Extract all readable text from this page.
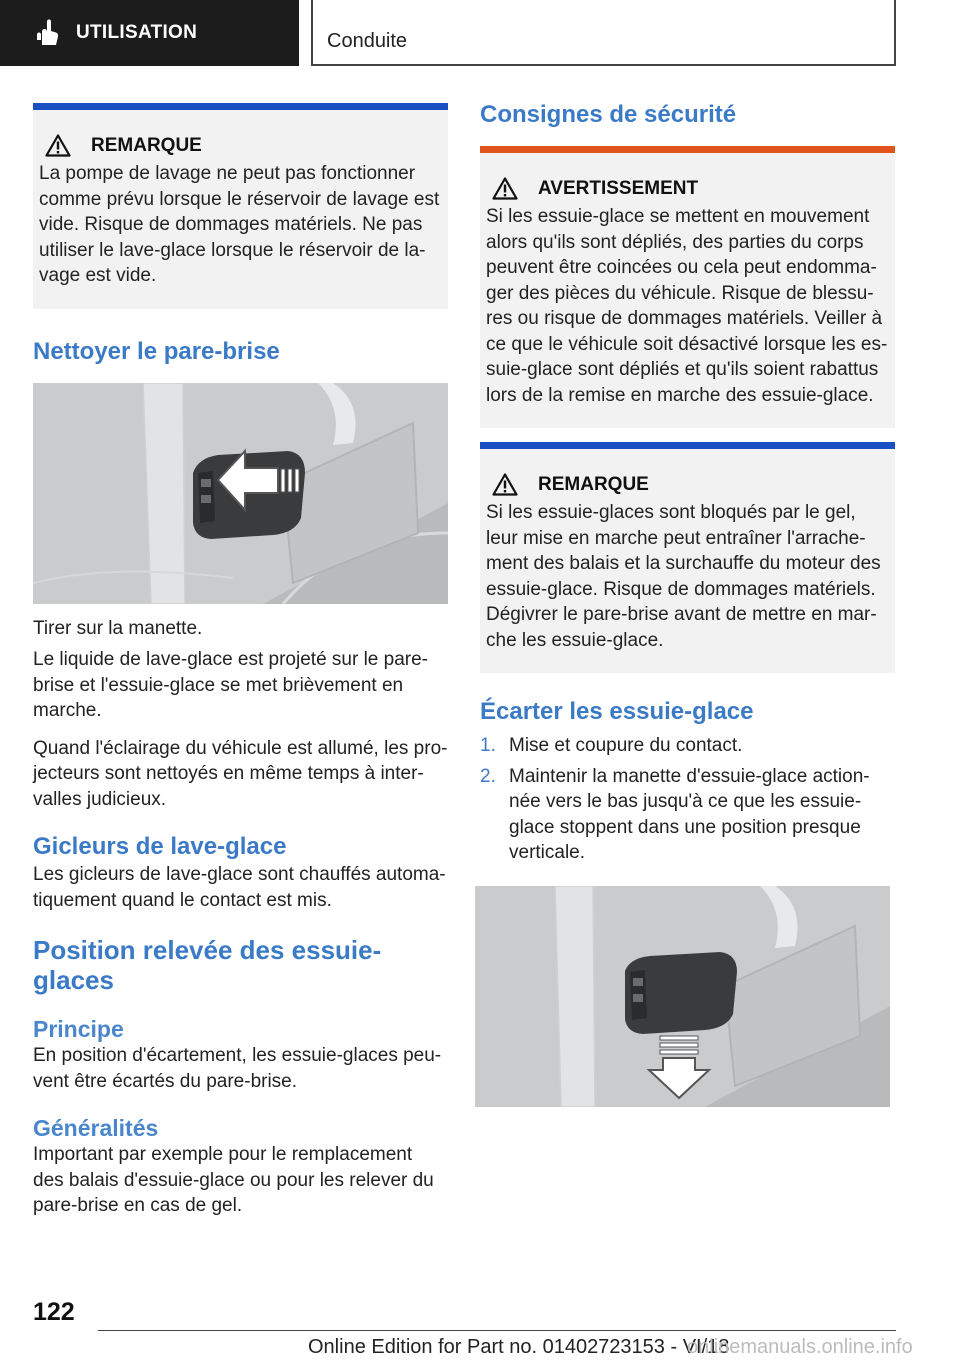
UTILISATION	Conduite
REMARQUE

La pompe de lavage ne peut pas fonctionner comme prévu lorsque le réservoir de lavage est vide. Risque de dommages matériels. Ne pas utiliser le lave-glace lorsque le réservoir de la-vage est vide.

Nettoyer le pare-brise

Tirer sur la manette.

Le liquide de lave-glace est projeté sur le pare-brise et l'essuie-glace se met brièvement en marche.

Quand l'éclairage du véhicule est allumé, les pro-jecteurs sont nettoyés en même temps à inter-valles judicieux.

Gicleurs de lave-glace

Les gicleurs de lave-glace sont chauffés automa-tiquement quand le contact est mis.

Position relevée des essuie-glaces
Principe

En position d'écartement, les essuie-glaces peu-vent être écartés du pare-brise.

Généralités

Important par exemple pour le remplacement des balais d'essuie-glace ou pour les relever du pare-brise en cas de gel.

Consignes de sécurité
AVERTISSEMENT

Si les essuie-glace se mettent en mouvement alors qu'ils sont dépliés, des parties du corps peuvent être coincées ou cela peut endomma-ger des pièces du véhicule. Risque de blessu-res ou risque de dommages matériels. Veiller à ce que le véhicule soit désactivé lorsque les es-suie-glace sont dépliés et qu'ils soient rabattus lors de la remise en marche des essuie-glace.

REMARQUE

Si les essuie-glaces sont bloqués par le gel, leur mise en marche peut entraîner l'arrache-ment des balais et la surchauffe du moteur des essuie-glace. Risque de dommages matériels. Dégivrer le pare-brise avant de mettre en mar-che les essuie-glace.

Écarter les essuie-glace
1. Mise et coupure du contact.
2. Maintenir la manette d'essuie-glace action-née vers le bas jusqu'à ce que les essuie-glace stoppent dans une position presque verticale.
122
Online Edition for Part no. 01402723153 - VI/18
onlinemanuals.online.info
